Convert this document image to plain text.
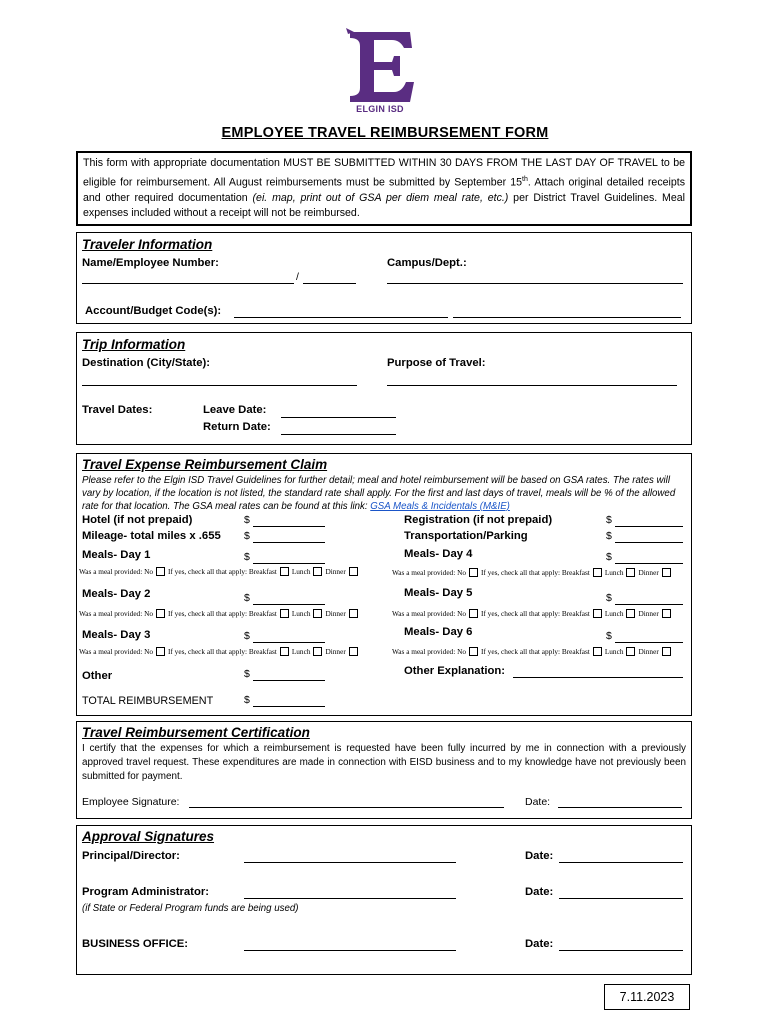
ELGIN ISD
EMPLOYEE TRAVEL REIMBURSEMENT FORM
This form with appropriate documentation MUST BE SUBMITTED WITHIN 30 DAYS FROM THE LAST DAY OF TRAVEL to be eligible for reimbursement. All August reimbursements must be submitted by September 15th. Attach original detailed receipts and other required documentation (ei. map, print out of GSA per diem meal rate, etc.) per District Travel Guidelines. Meal expenses included without a receipt will not be reimbursed.
Traveler Information
Name/Employee Number:
/
Campus/Dept.:
Account/Budget Code(s):
Trip Information
Destination (City/State):	Purpose of Travel:
Travel Dates:	Leave Date:
Return Date:
Travel Expense Reimbursement Claim
Please refer to the Elgin ISD Travel Guidelines for further detail; meal and hotel reimbursement will be based on GSA rates. The rates will vary by location, if the location is not listed, the standard rate shall apply. For the first and last days of travel, meals will be % of the allowed rate for that location. The GSA meal rates can be found at this link: GSA Meals & Incidentals (M&IE)
Hotel (if not prepaid)	$
Mileage- total miles x .655 $
Meals- Day 1	$
Was a meal provided:
No If yes, check all that apply:
Breakfast Lunch Dinner
Meals- Day 2	$
Was a meal provided:
No If yes, check all that apply:
Breakfast Lunch Dinner
Meals- Day 3	$
Was a meal provided:
No If yes, check all that apply:
Breakfast Lunch Dinner
Other	$
TOTAL REIMBURSEMENT	$
Registration (if not prepaid)	$
Transportation/Parking	$
Meals- Day 4	$
Was a meal provided:
No If yes, check all that apply:
Breakfast Lunch Dinner
Meals- Day 5	$
Was a meal provided:
No If yes, check all that apply:
Breakfast Lunch Dinner
Meals- Day 6	$
Was a meal provided:
No If yes, check all that apply:
Breakfast Lunch Dinner
Other Explanation:
Travel Reimbursement Certification
I certify that the expenses for which a reimbursement is requested have been fully incurred by me in connection with a previously approved travel request. These expenditures are made in connection with EISD business and to my knowledge have not previously been submitted for payment.
Employee Signature:	Date:
Approval Signatures
Principal/Director:	Date:
Program Administrator:	Date:
(if State or Federal Program funds are being used)
BUSINESS OFFICE:	Date:
7.11.2023
